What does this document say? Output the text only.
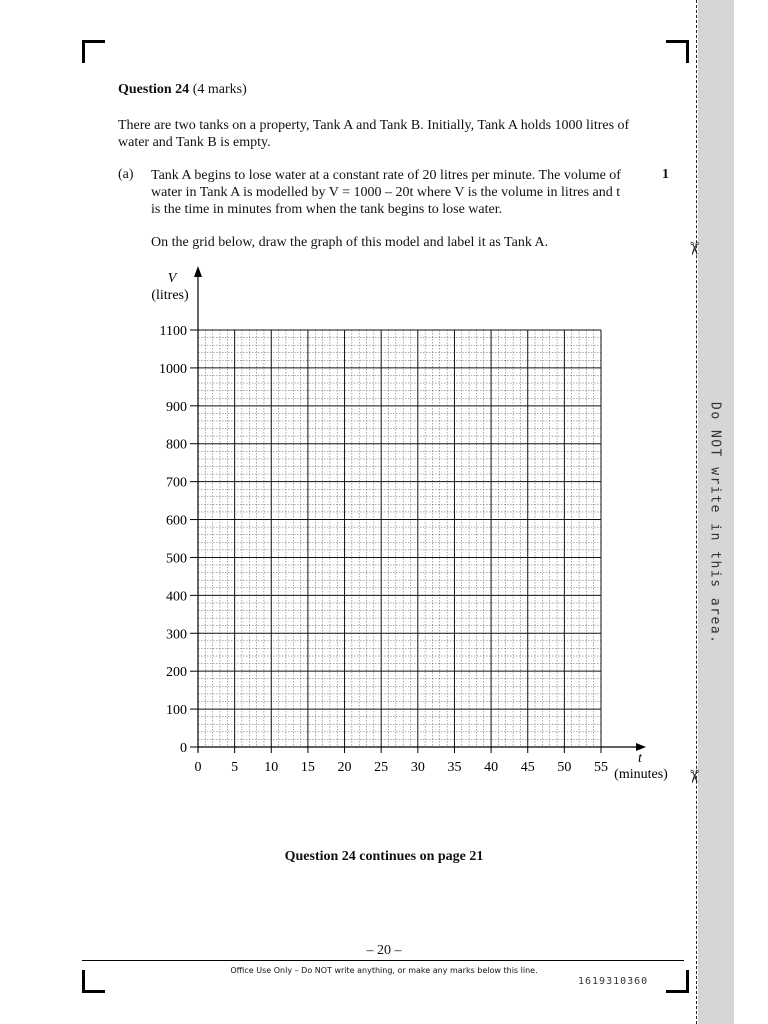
✂
✂
Do NOT write in this area.
Question 24 (4 marks)
There are two tanks on a property, Tank A and Tank B. Initially, Tank A holds 1000 litres of water and Tank B is empty.
(a) Tank A begins to lose water at a constant rate of 20 litres per minute. The volume of water in Tank A is modelled by V = 1000 – 20t where V is the volume in litres and t is the time in minutes from when the tank begins to lose water.
1
On the grid below, draw the graph of this model and label it as Tank A.
0
100
200
300
400
500
600
700
800
900
1000
1100
0 5 10 15 20 25 30 35 40 45 50 55
V
(litres)
t
(minutes)
Question 24 continues on page 21
– 20 –
Office Use Only – Do NOT write anything, or make any marks below this line.
1619310360
